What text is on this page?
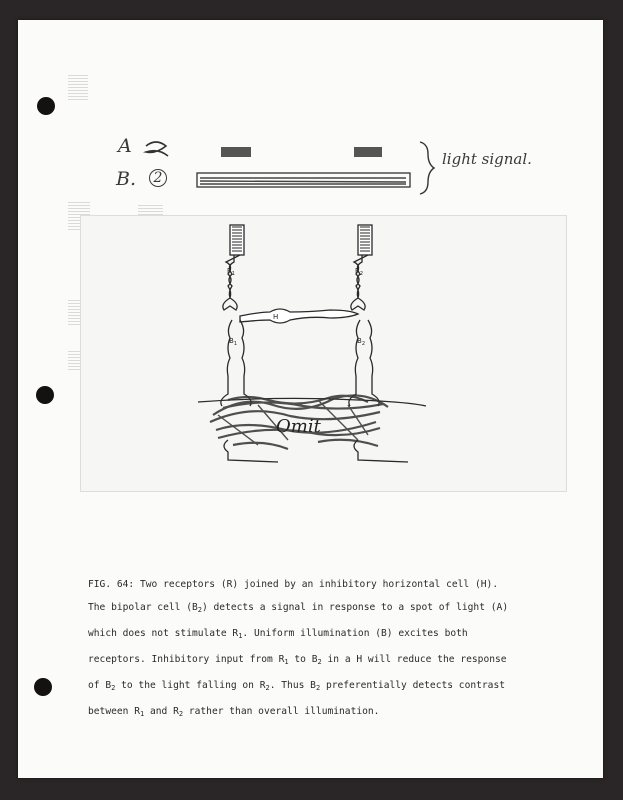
A
B.	2
$R_1$	$R_2$
H
$B_1$	$B_2$
light signal.
Omit

FIG. 64: Two receptors (R) joined by an inhibitory horizontal cell (H).

The bipolar cell $(B_2)$ detects a signal in response to a spot of light (A)

which does not stimulate $R_1$. Uniform illumination (B) excites both

receptors. Inhibitory input from $R_1$ to $B_2$ in a H will reduce the response

of $B_2$ to the light falling on $R_2$. Thus $B_2$ preferentially detects contrast

between $R_1$ and $R_2$ rather than overall illumination.
